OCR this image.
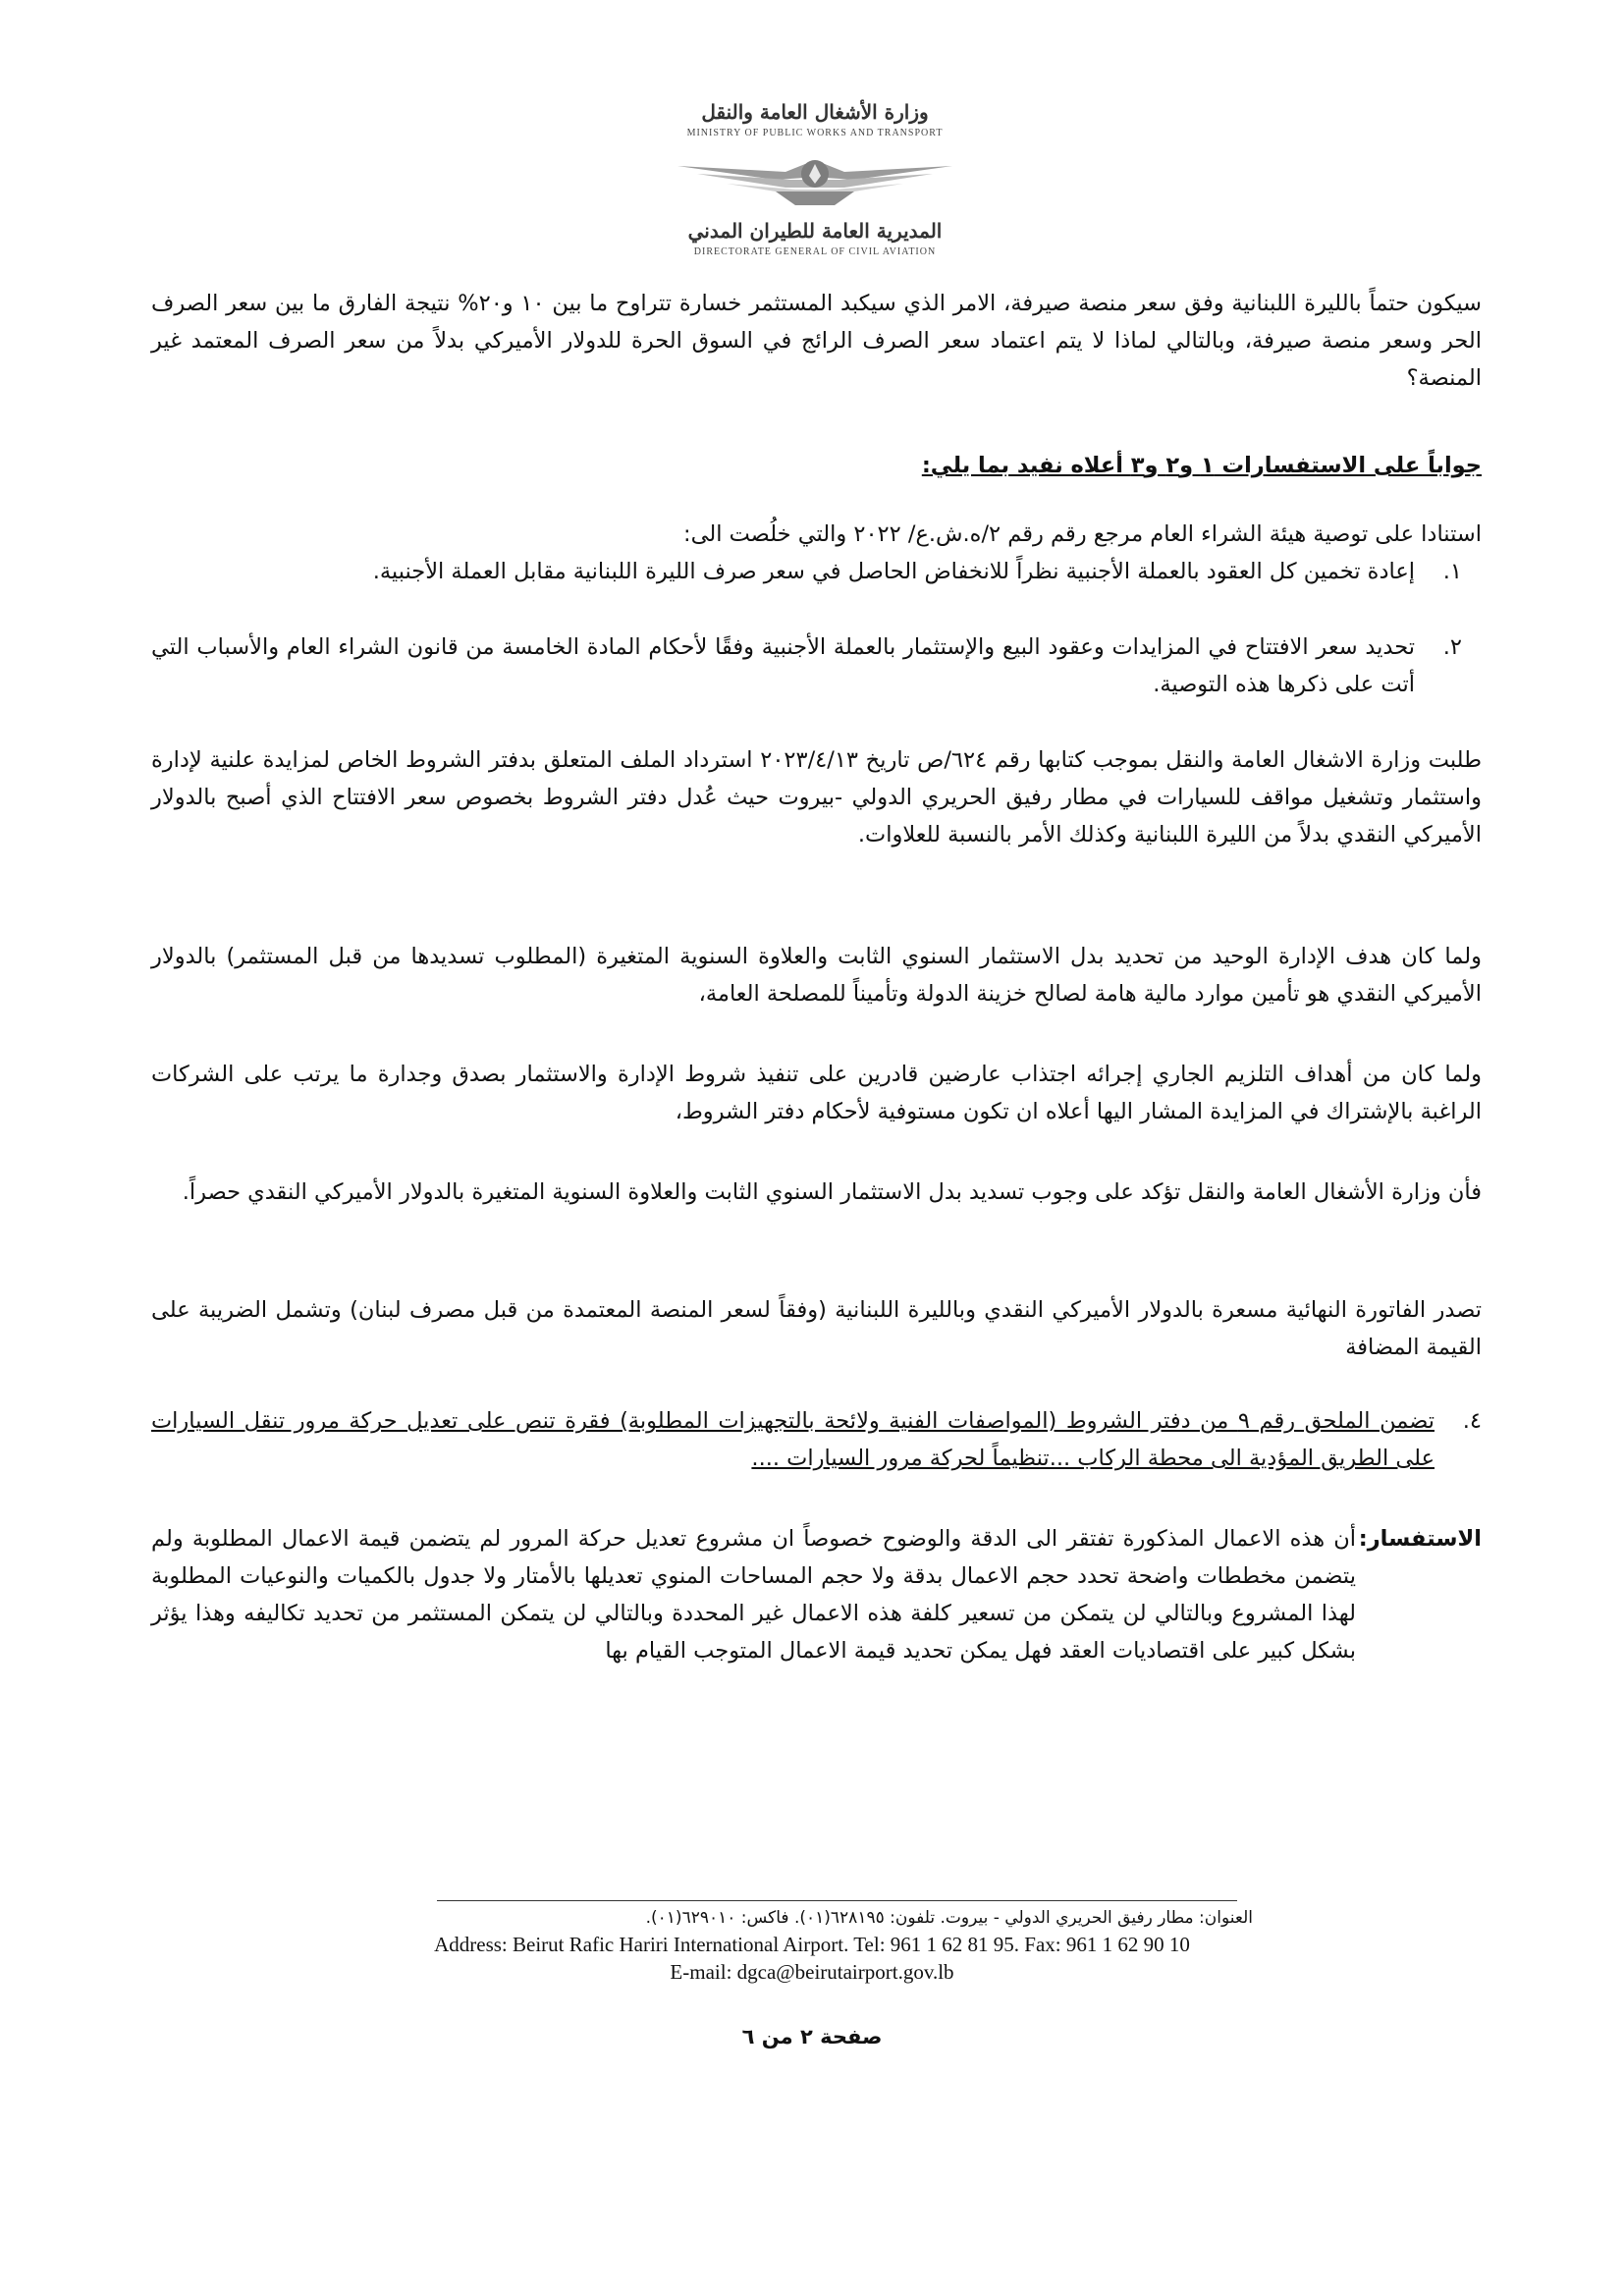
وزارة الأشغال العامة والنقل
MINISTRY OF PUBLIC WORKS AND TRANSPORT
المديرية العامة للطيران المدني
DIRECTORATE GENERAL OF CIVIL AVIATION

سيكون حتماً بالليرة اللبنانية وفق سعر منصة صيرفة، الامر الذي سيكبد المستثمر خسارة تتراوح ما بين ١٠ و٢٠% نتيجة الفارق ما بين سعر الصرف الحر وسعر منصة صيرفة، وبالتالي لماذا لا يتم اعتماد سعر الصرف الرائج في السوق الحرة للدولار الأميركي بدلاً من سعر الصرف المعتمد غير المنصة؟

جواباً على الاستفسارات ١ و٢ و٣ أعلاه نفيد بما يلي:

استنادا على توصية هيئة الشراء العام مرجع رقم رقم ٢/ه.ش.ع/ ٢٠٢٢ والتي خلُصت الى:

١.
إعادة تخمين كل العقود بالعملة الأجنبية نظراً للانخفاض الحاصل في سعر صرف الليرة اللبنانية مقابل العملة الأجنبية.
٢.
تحديد سعر الافتتاح في المزايدات وعقود البيع والإستثمار بالعملة الأجنبية وفقًا لأحكام المادة الخامسة من قانون الشراء العام والأسباب التي أتت على ذكرها هذه التوصية.

طلبت وزارة الاشغال العامة والنقل بموجب كتابها رقم ٦٢٤/ص تاريخ ٢٠٢٣/٤/١٣ استرداد الملف المتعلق بدفتر الشروط الخاص لمزايدة علنية لإدارة واستثمار وتشغيل مواقف للسيارات في مطار رفيق الحريري الدولي -بيروت حيث عُدل دفتر الشروط بخصوص سعر الافتتاح الذي أصبح بالدولار الأميركي النقدي بدلاً من الليرة اللبنانية وكذلك الأمر بالنسبة للعلاوات.

ولما كان هدف الإدارة الوحيد من تحديد بدل الاستثمار السنوي الثابت والعلاوة السنوية المتغيرة (المطلوب تسديدها من قبل المستثمر) بالدولار الأميركي النقدي هو تأمين موارد مالية هامة لصالح خزينة الدولة وتأميناً للمصلحة العامة،

ولما كان من أهداف التلزيم الجاري إجرائه اجتذاب عارضين قادرين على تنفيذ شروط الإدارة والاستثمار بصدق وجدارة ما يرتب على الشركات الراغبة بالإشتراك في المزايدة المشار اليها أعلاه ان تكون مستوفية لأحكام دفتر الشروط،

فأن وزارة الأشغال العامة والنقل تؤكد على وجوب تسديد بدل الاستثمار السنوي الثابت والعلاوة السنوية المتغيرة بالدولار الأميركي النقدي حصراً.

تصدر الفاتورة النهائية مسعرة بالدولار الأميركي النقدي وبالليرة اللبنانية (وفقاً لسعر المنصة المعتمدة من قبل مصرف لبنان) وتشمل الضريبة على القيمة المضافة

٤.
تضمن الملحق رقم ٩ من دفتر الشروط (المواصفات الفنية ولائحة بالتجهيزات المطلوبة) فقرة تنص على تعديل حركة مرور تنقل السيارات على الطريق المؤدية الى محطة الركاب ...تنظيماً لحركة مرور السيارات ....
الاستفسار:
أن هذه الاعمال المذكورة تفتقر الى الدقة والوضوح خصوصاً ان مشروع تعديل حركة المرور لم يتضمن قيمة الاعمال المطلوبة ولم يتضمن مخططات واضحة تحدد حجم الاعمال بدقة ولا حجم المساحات المنوي تعديلها بالأمتار ولا جدول بالكميات والنوعيات المطلوبة لهذا المشروع وبالتالي لن يتمكن من تسعير كلفة هذه الاعمال غير المحددة وبالتالي لن يتمكن المستثمر من تحديد تكاليفه وهذا يؤثر بشكل كبير على اقتصاديات العقد فهل يمكن تحديد قيمة الاعمال المتوجب القيام بها
العنوان: مطار رفيق الحريري الدولي - بيروت. تلفون: ٦٢٨١٩٥(٠١). فاكس: ٦٢٩٠١٠(٠١).
Address: Beirut Rafic Hariri International Airport. Tel: 961 1 62 81 95. Fax: 961 1 62 90 10
E-mail: dgca@beirutairport.gov.lb
صفحة ٢ من ٦
